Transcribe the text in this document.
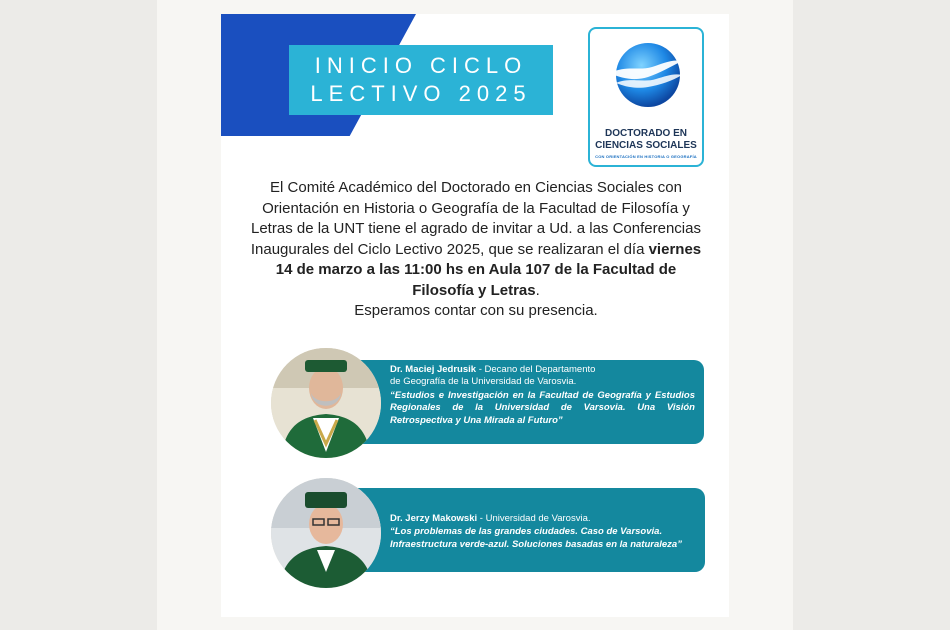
INICIO CICLO
LECTIVO 2025
DOCTORADO EN
CIENCIAS SOCIALES
CON ORIENTACIÓN EN HISTORIA O GEOGRAFÍA
El Comité Académico del Doctorado en Ciencias Sociales con Orientación en Historia o Geografía de la Facultad de Filosofía y Letras de la UNT tiene el agrado de invitar a Ud. a las Conferencias Inaugurales del Ciclo Lectivo 2025, que se realizaran el día viernes 14 de marzo a las 11:00 hs en Aula 107 de la Facultad de Filosofía y Letras.
Esperamos contar con su presencia.
Dr. Maciej Jedrusik - Decano del Departamento
de Geografía de la Universidad de Varosvia.
“Estudios e Investigación en la Facultad de Geografía y Estudios Regionales de la Universidad de Varsovia. Una Visión Retrospectiva y Una Mirada al Futuro”
Dr. Jerzy Makowski - Universidad de Varosvia.
“Los problemas de las grandes ciudades. Caso de Varsovia. Infraestructura verde-azul. Soluciones basadas en la naturaleza”
